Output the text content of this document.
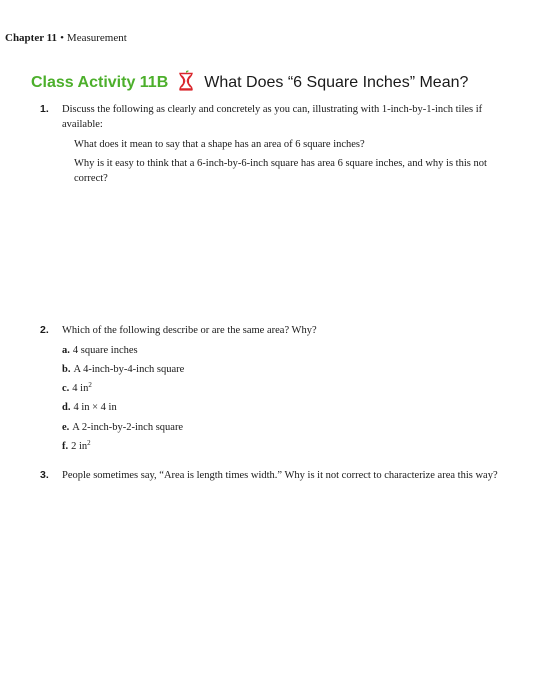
Chapter 11 • Measurement
Class Activity 11B What Does “6 Square Inches” Mean?
1. Discuss the following as clearly and concretely as you can, illustrating with 1-inch-by-1-inch tiles if available:
What does it mean to say that a shape has an area of 6 square inches?
Why is it easy to think that a 6-inch-by-6-inch square has area 6 square inches, and why is this not correct?
2. Which of the following describe or are the same area? Why?
a. 4 square inches
b. A 4-inch-by-4-inch square
c. 4 $in^2$
d. 4 in × 4 in
e. A 2-inch-by-2-inch square
f. 2 $in^2$
3. People sometimes say, “Area is length times width.” Why is it not correct to characterize area this way?
